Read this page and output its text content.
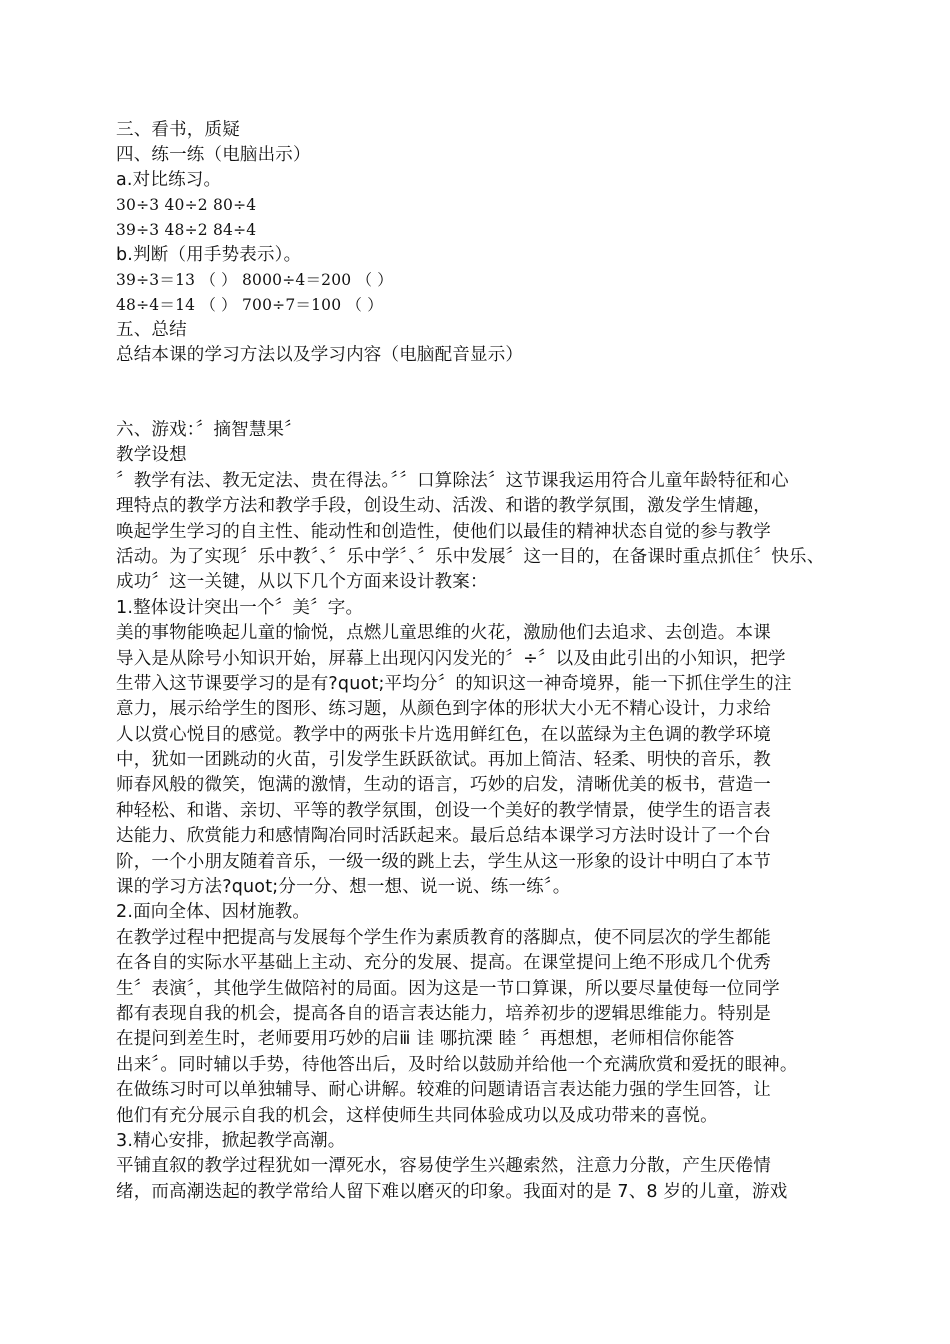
三、看书，质疑
四、练一练（电脑出示）
a.对比练习。
30÷3 40÷2 80÷4
39÷3 48÷2 84÷4
b.判断（用手势表示）。
39÷3＝13 （ ） 8000÷4＝200 （ ）
48÷4＝14 （ ） 700÷7＝100 （ ）
五、总结
总结本课的学习方法以及学习内容（电脑配音显示）
六、游戏：〞摘智慧果〞
教学设想
〞教学有法、教无定法、贵在得法。〞〞口算除法〞这节课我运用符合儿童年龄特征和心
理特点的教学方法和教学手段，创设生动、活泼、和谐的教学氛围，激发学生情趣，
唤起学生学习的自主性、能动性和创造性，使他们以最佳的精神状态自觉的参与教学
活动。为了实现〞乐中教〞、〞乐中学〞、〞乐中发展〞这一目的，在备课时重点抓住〞快乐、
成功〞这一关键，从以下几个方面来设计教案：
1.整体设计突出一个〞美〞字。
美的事物能唤起儿童的愉悦，点燃儿童思维的火花，激励他们去追求、去创造。本课
导入是从除号小知识开始，屏幕上出现闪闪发光的〞÷〞以及由此引出的小知识，把学
生带入这节课要学习的是有?quot;平均分〞的知识这一神奇境界，能一下抓住学生的注
意力，展示给学生的图形、练习题，从颜色到字体的形状大小无不精心设计，力求给
人以赏心悦目的感觉。教学中的两张卡片选用鲜红色，在以蓝绿为主色调的教学环境
中，犹如一团跳动的火苗，引发学生跃跃欲试。再加上简洁、轻柔、明快的音乐，教
师春风般的微笑，饱满的激情，生动的语言，巧妙的启发，清晰优美的板书，营造一
种轻松、和谐、亲切、平等的教学氛围，创设一个美好的教学情景，使学生的语言表
达能力、欣赏能力和感情陶冶同时活跃起来。最后总结本课学习方法时设计了一个台
阶，一个小朋友随着音乐，一级一级的跳上去，学生从这一形象的设计中明白了本节
课的学习方法?quot;分一分、想一想、说一说、练一练〞。
2.面向全体、因材施教。
在教学过程中把提高与发展每个学生作为素质教育的落脚点，使不同层次的学生都能
在各自的实际水平基础上主动、充分的发展、提高。在课堂提问上绝不形成几个优秀
生〞表演〞，其他学生做陪衬的局面。因为这是一节口算课，所以要尽量使每一位同学
都有表现自我的机会，提高各自的语言表达能力，培养初步的逻辑思维能力。特别是
在提问到差生时，老师要用巧妙的启ⅲ 诖 哪抗溧 睦 〞再想想，老师相信你能答
出来〞。同时辅以手势，待他答出后，及时给以鼓励并给他一个充满欣赏和爱抚的眼神。
在做练习时可以单独辅导、耐心讲解。较难的问题请语言表达能力强的学生回答，让
他们有充分展示自我的机会，这样使师生共同体验成功以及成功带来的喜悦。
3.精心安排，掀起教学高潮。
平铺直叙的教学过程犹如一潭死水，容易使学生兴趣索然，注意力分散，产生厌倦情
绪，而高潮迭起的教学常给人留下难以磨灭的印象。我面对的是 7、8 岁的儿童，游戏
